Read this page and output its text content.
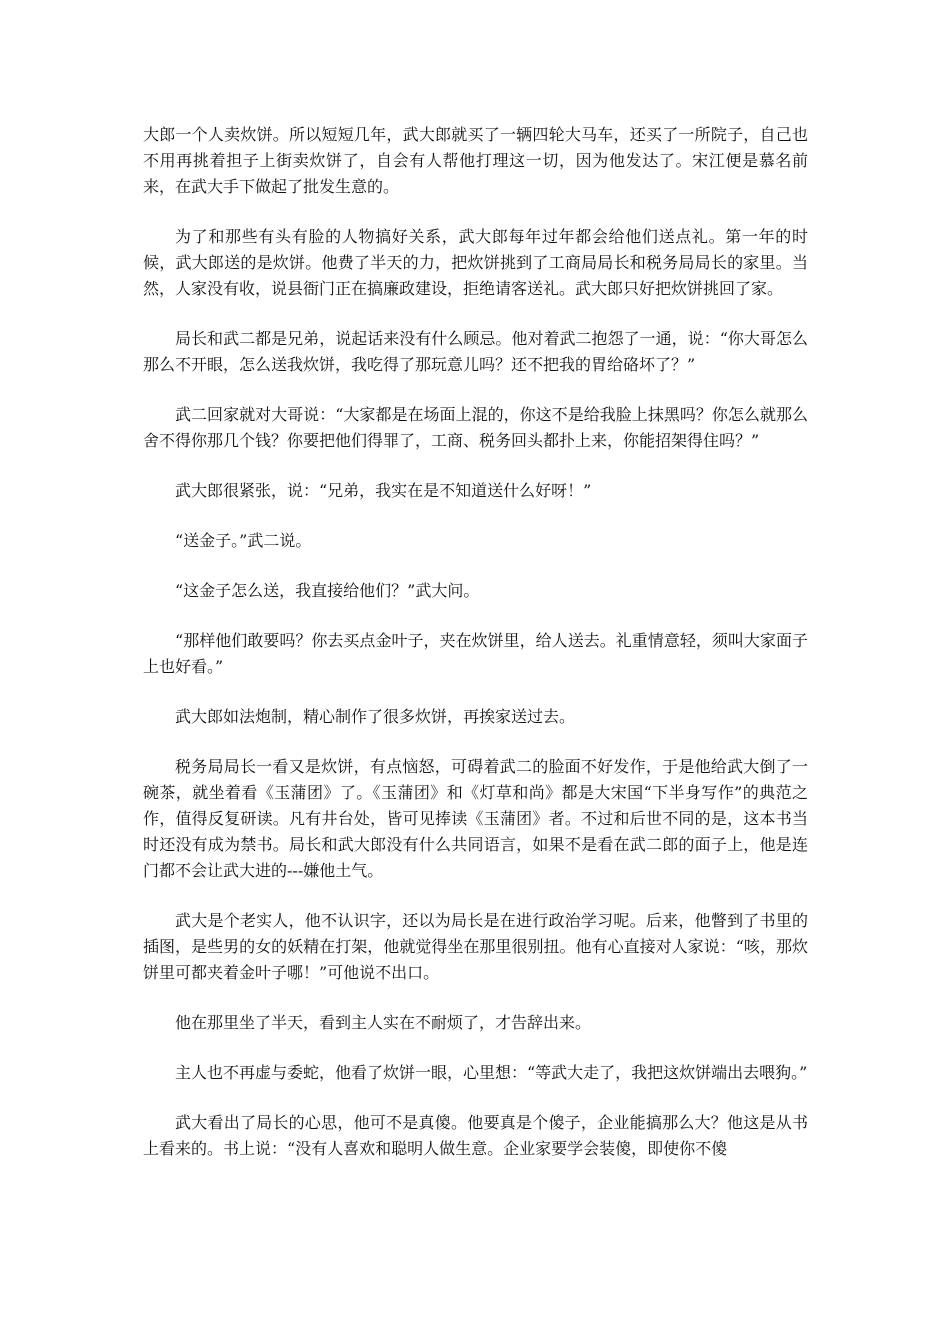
大郎一个人卖炊饼。所以短短几年，武大郎就买了一辆四轮大马车，还买了一所院子，自己也不用再挑着担子上街卖炊饼了，自会有人帮他打理这一切，因为他发达了。宋江便是慕名前来，在武大手下做起了批发生意的。

为了和那些有头有脸的人物搞好关系，武大郎每年过年都会给他们送点礼。第一年的时候，武大郎送的是炊饼。他费了半天的力，把炊饼挑到了工商局局长和税务局局长的家里。当然，人家没有收，说县衙门正在搞廉政建设，拒绝请客送礼。武大郎只好把炊饼挑回了家。

局长和武二都是兄弟，说起话来没有什么顾忌。他对着武二抱怨了一通，说：“你大哥怎么那么不开眼，怎么送我炊饼，我吃得了那玩意儿吗？还不把我的胃给硌坏了？”

武二回家就对大哥说：“大家都是在场面上混的，你这不是给我脸上抹黑吗？你怎么就那么舍不得你那几个钱？你要把他们得罪了，工商、税务回头都扑上来，你能招架得住吗？”

武大郎很紧张，说：“兄弟，我实在是不知道送什么好呀！”

“送金子。”武二说。

“这金子怎么送，我直接给他们？”武大问。

“那样他们敢要吗？你去买点金叶子，夹在炊饼里，给人送去。礼重情意轻，须叫大家面子上也好看。”

武大郎如法炮制，精心制作了很多炊饼，再挨家送过去。

税务局局长一看又是炊饼，有点恼怒，可碍着武二的脸面不好发作，于是他给武大倒了一碗茶，就坐着看《玉蒲团》了。《玉蒲团》和《灯草和尚》都是大宋国“下半身写作”的典范之作，值得反复研读。凡有井台处，皆可见捧读《玉蒲团》者。不过和后世不同的是，这本书当时还没有成为禁书。局长和武大郎没有什么共同语言，如果不是看在武二郎的面子上，他是连门都不会让武大进的---嫌他土气。

武大是个老实人，他不认识字，还以为局长是在进行政治学习呢。后来，他瞥到了书里的插图，是些男的女的妖精在打架，他就觉得坐在那里很别扭。他有心直接对人家说：“咳，那炊饼里可都夹着金叶子哪！”可他说不出口。

他在那里坐了半天，看到主人实在不耐烦了，才告辞出来。

主人也不再虚与委蛇，他看了炊饼一眼，心里想：“等武大走了，我把这炊饼端出去喂狗。”

武大看出了局长的心思，他可不是真傻。他要真是个傻子，企业能搞那么大？他这是从书上看来的。书上说：“没有人喜欢和聪明人做生意。企业家要学会装傻，即使你不傻
